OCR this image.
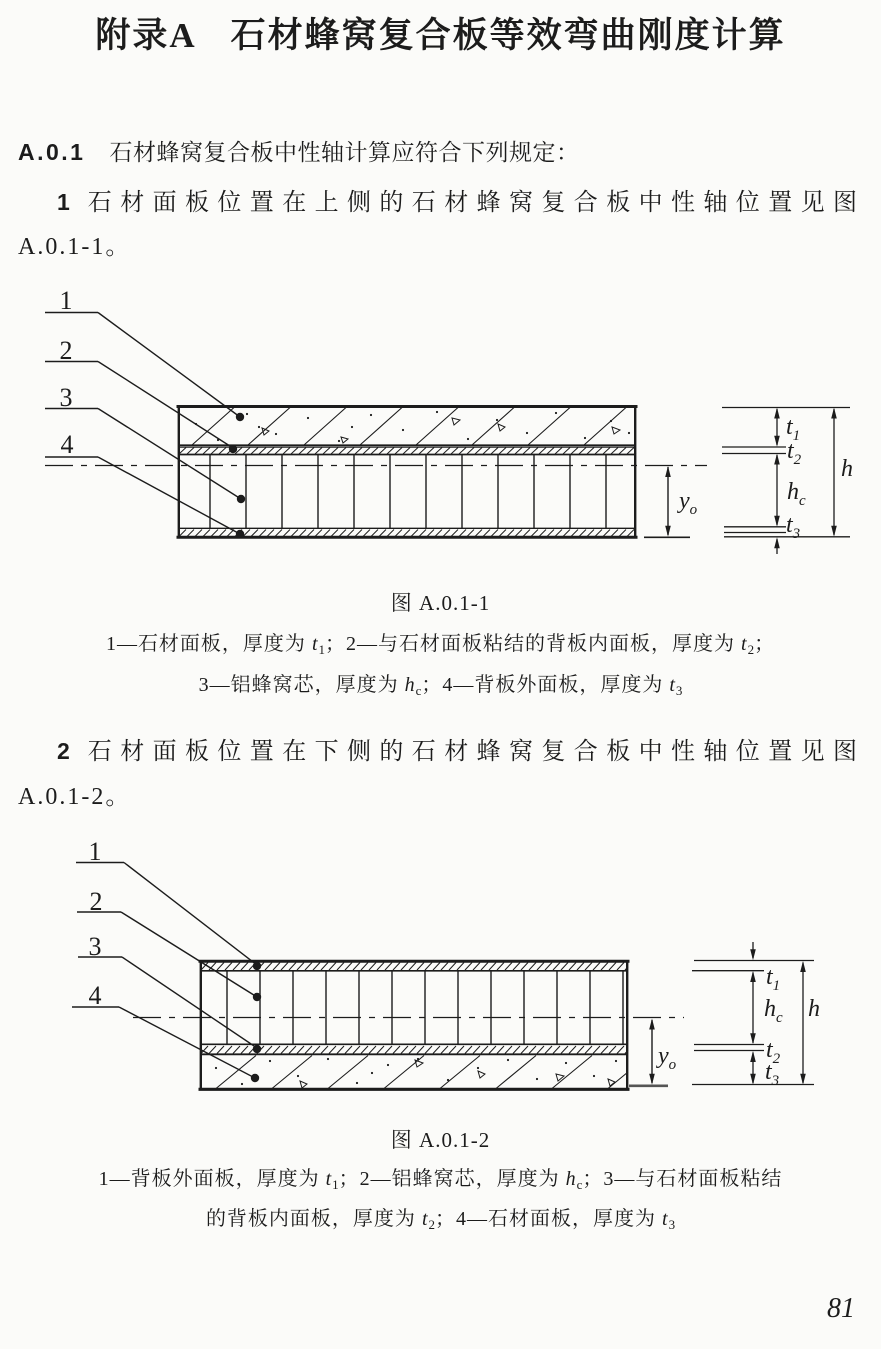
附录A 石材蜂窝复合板等效弯曲刚度计算
A.0.1 石材蜂窝复合板中性轴计算应符合下列规定：
1 石材面板位置在上侧的石材蜂窝复合板中性轴位置见图
A.0.1-1。
1
2
3
4
$y_o$
$t_1$
$t_2$
$h_c$
$t_3$
h
图 A.0.1-1
1—石材面板，厚度为 $t_1$；2—与石材面板粘结的背板内面板，厚度为 $t_2$；
3—铝蜂窝芯，厚度为 $h_c$；4—背板外面板，厚度为 $t_3$
2 石材面板位置在下侧的石材蜂窝复合板中性轴位置见图
A.0.1-2。
1
2
3
4
$y_o$
$t_1$
$h_c$
$t_2$
$t_3$
h
图 A.0.1-2
1—背板外面板，厚度为 $t_1$；2—铝蜂窝芯，厚度为 $h_c$；3—与石材面板粘结
的背板内面板，厚度为 $t_2$；4—石材面板，厚度为 $t_3$
81
